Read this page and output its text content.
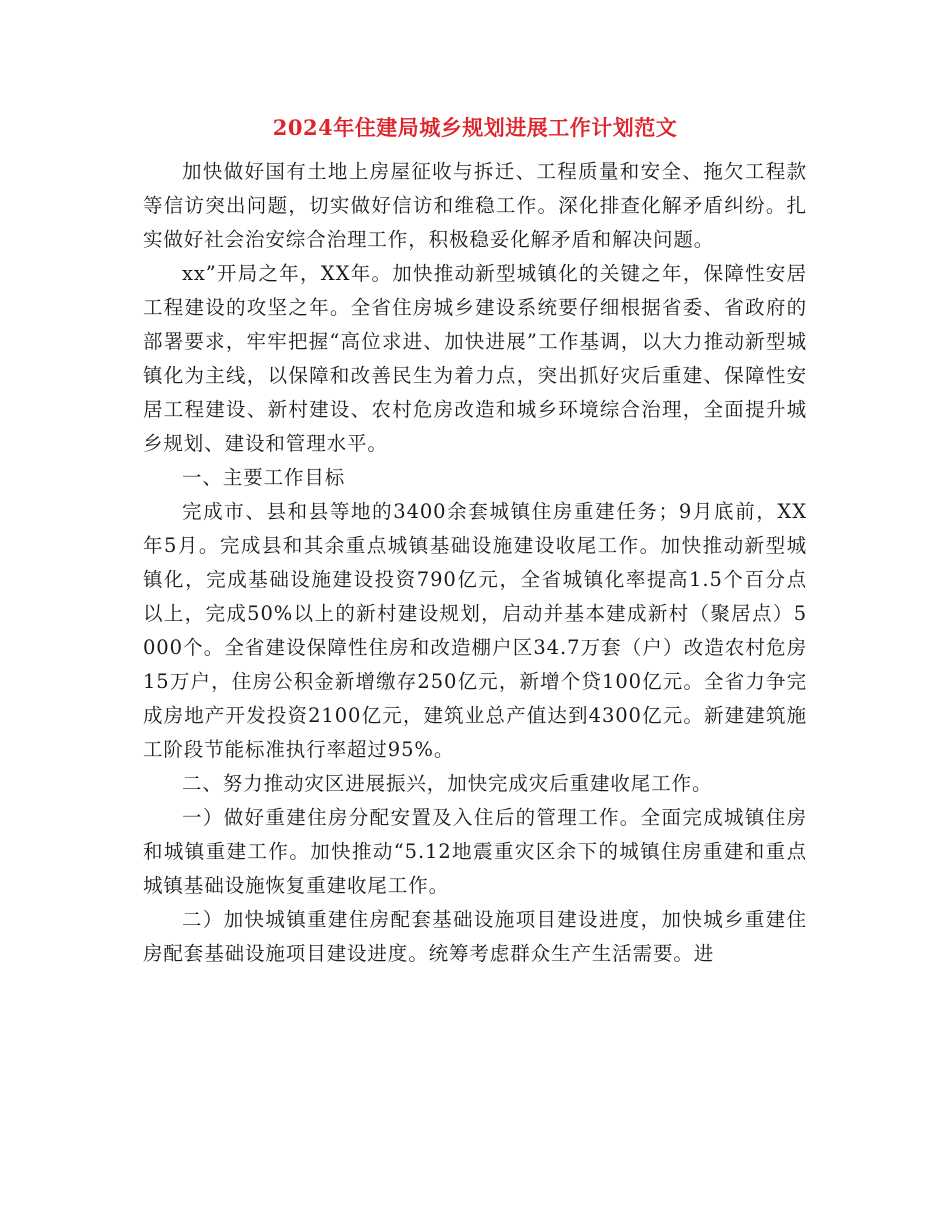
2024年住建局城乡规划进展工作计划范文

加快做好国有土地上房屋征收与拆迁、工程质量和安全、拖欠工程款等信访突出问题，切实做好信访和维稳工作。深化排查化解矛盾纠纷。扎实做好社会治安综合治理工作，积极稳妥化解矛盾和解决问题。

xx”开局之年，XX年。加快推动新型城镇化的关键之年，保障性安居工程建设的攻坚之年。全省住房城乡建设系统要仔细根据省委、省政府的部署要求，牢牢把握“高位求进、加快进展”工作基调，以大力推动新型城镇化为主线，以保障和改善民生为着力点，突出抓好灾后重建、保障性安居工程建设、新村建设、农村危房改造和城乡环境综合治理，全面提升城乡规划、建设和管理水平。

一、主要工作目标

完成市、县和县等地的3400余套城镇住房重建任务；9月底前，XX年5月。完成县和其余重点城镇基础设施建设收尾工作。加快推动新型城镇化，完成基础设施建设投资790亿元，全省城镇化率提高1.5个百分点以上，完成50%以上的新村建设规划，启动并基本建成新村（聚居点）5000个。全省建设保障性住房和改造棚户区34.7万套（户）改造农村危房15万户，住房公积金新增缴存250亿元，新增个贷100亿元。全省力争完成房地产开发投资2100亿元，建筑业总产值达到4300亿元。新建建筑施工阶段节能标准执行率超过95%。

二、努力推动灾区进展振兴，加快完成灾后重建收尾工作。

一）做好重建住房分配安置及入住后的管理工作。全面完成城镇住房和城镇重建工作。加快推动“5.12地震重灾区余下的城镇住房重建和重点城镇基础设施恢复重建收尾工作。

二）加快城镇重建住房配套基础设施项目建设进度，加快城乡重建住房配套基础设施项目建设进度。统筹考虑群众生产生活需要。进
